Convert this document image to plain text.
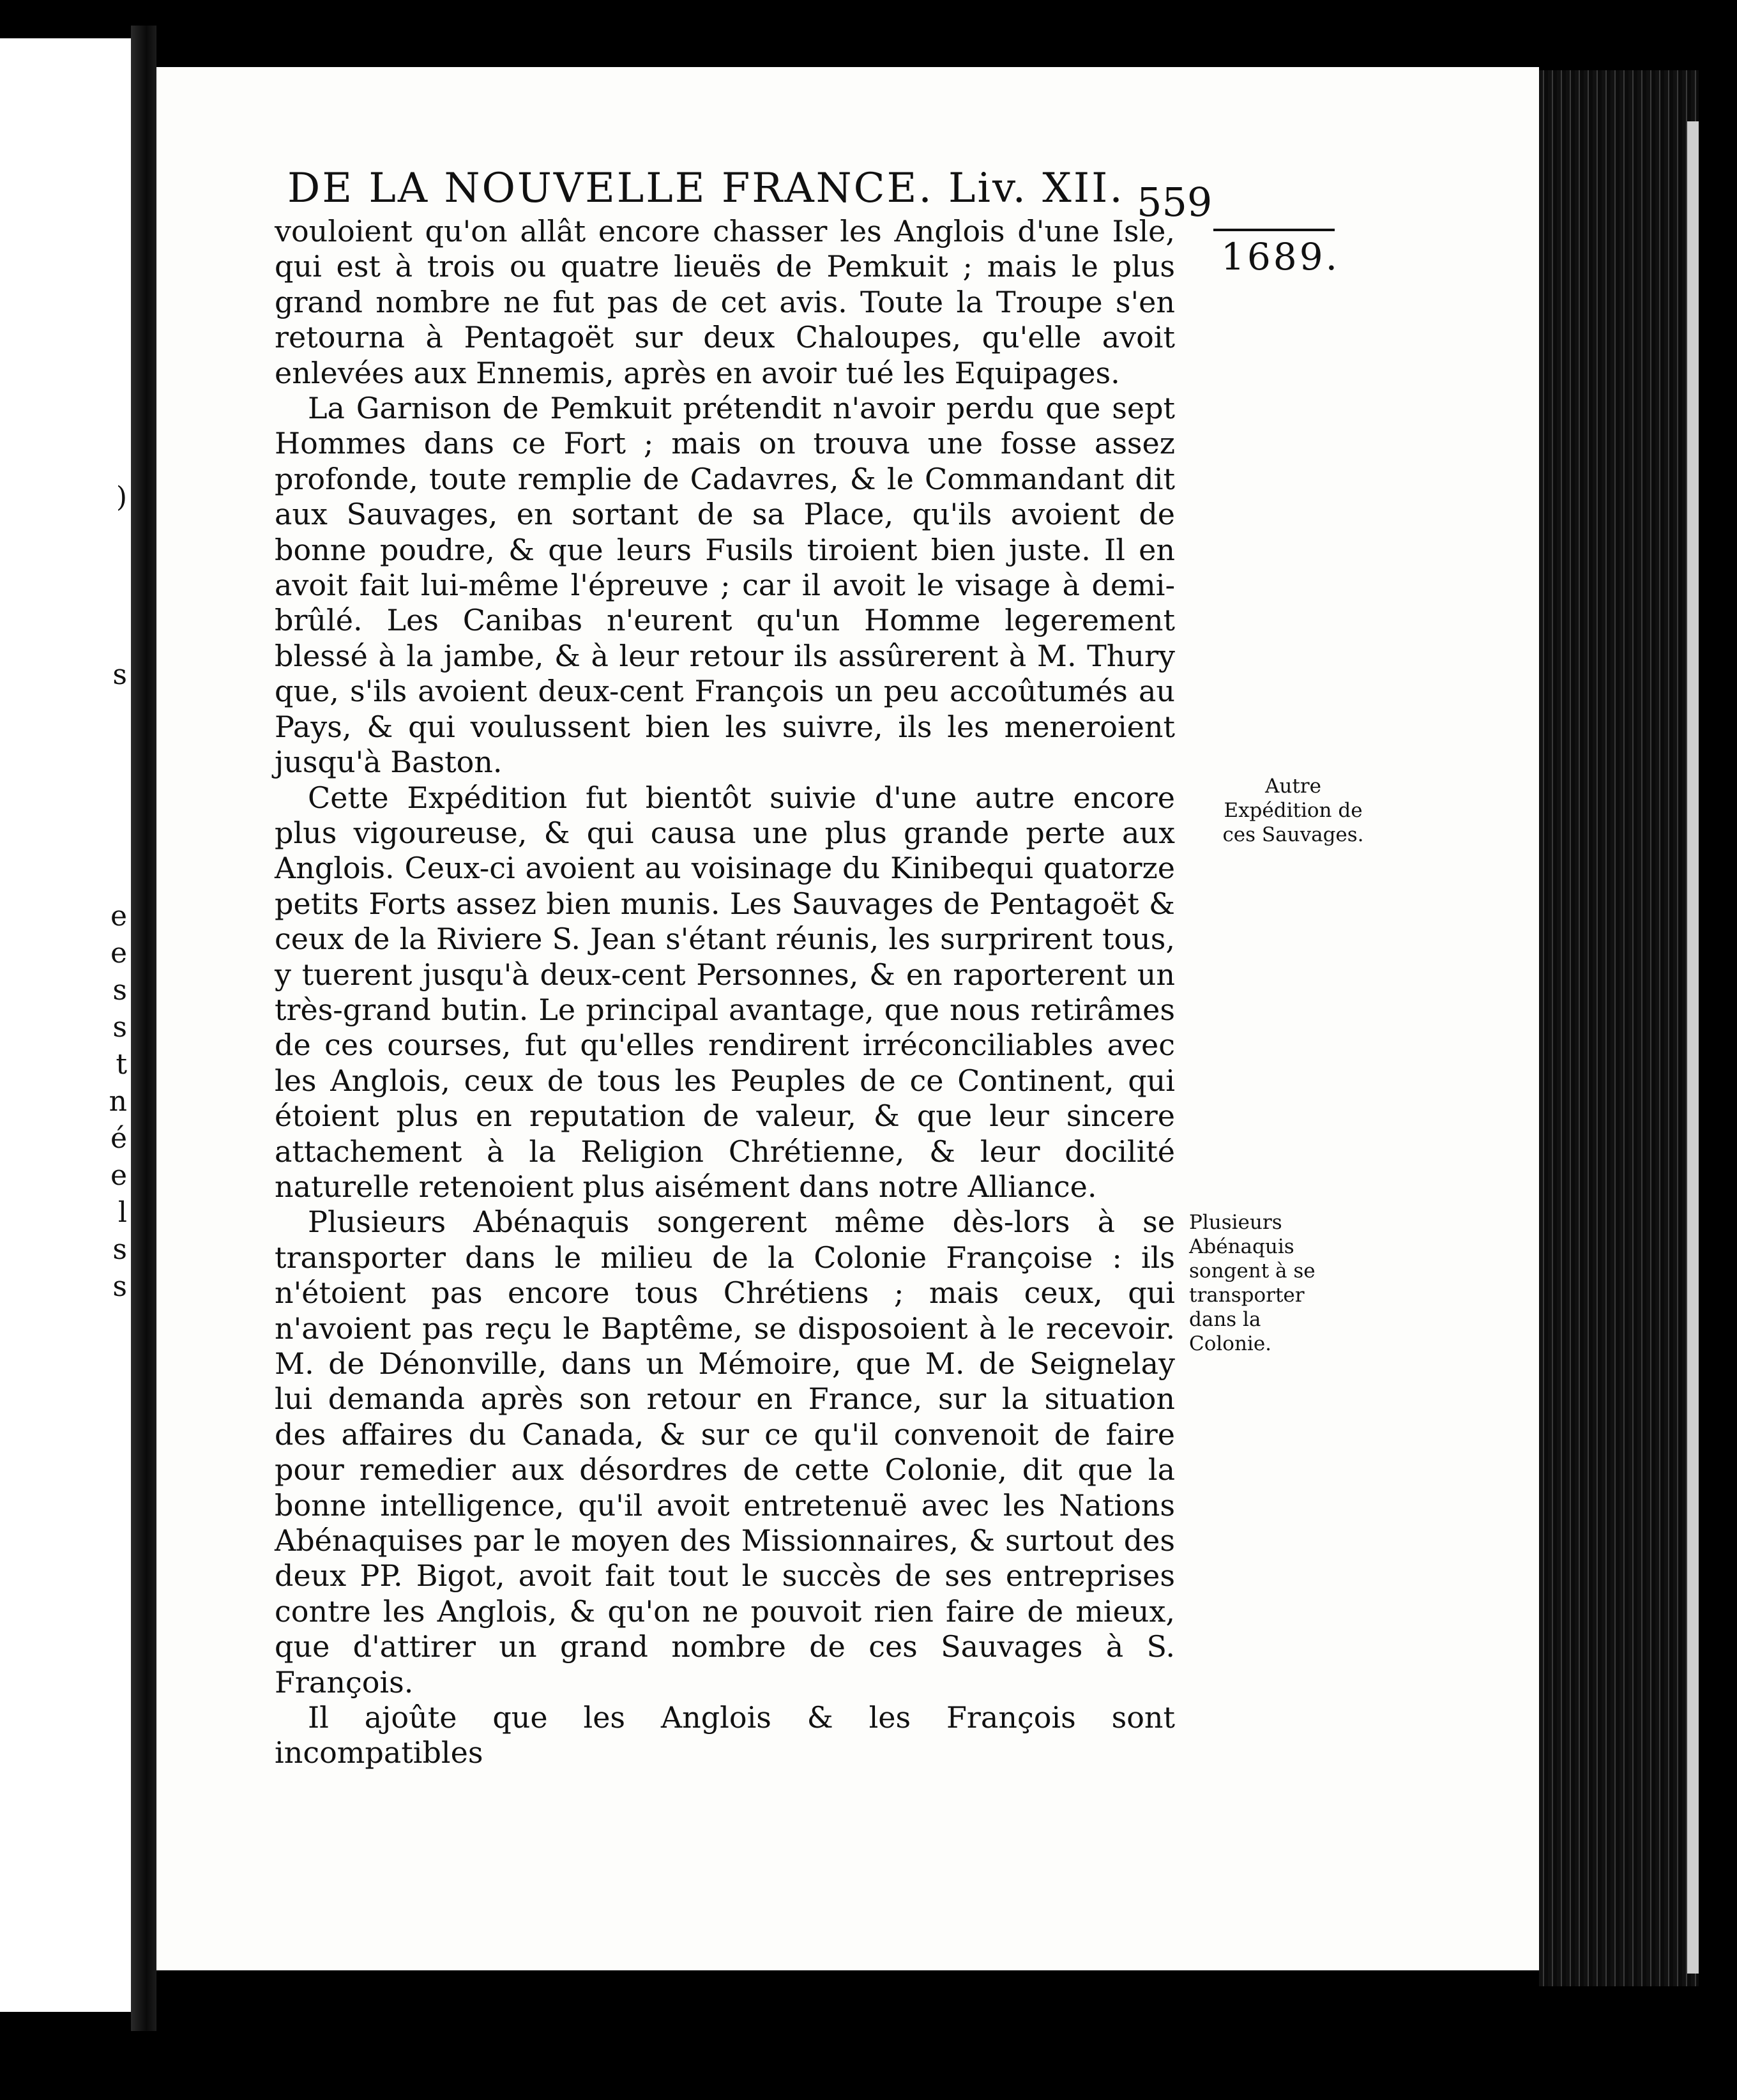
)
s
e
e
s
s
t
n
é
e
l
s
s
DE LA NOUVELLE FRANCE. Liv. XII. 559
1689.

vouloient qu'on allât encore chasser les Anglois d'une Isle, qui est à trois ou quatre lieuës de Pemkuit ; mais le plus grand nombre ne fut pas de cet avis. Toute la Troupe s'en retourna à Pentagoët sur deux Chaloupes, qu'elle avoit enlevées aux Ennemis, après en avoir tué les Equipages.

La Garnison de Pemkuit prétendit n'avoir perdu que sept Hommes dans ce Fort ; mais on trouva une fosse assez profonde, toute remplie de Cadavres, & le Commandant dit aux Sauvages, en sortant de sa Place, qu'ils avoient de bonne poudre, & que leurs Fusils tiroient bien juste. Il en avoit fait lui-même l'épreuve ; car il avoit le visage à demi-brûlé. Les Canibas n'eurent qu'un Homme legerement blessé à la jambe, & à leur retour ils assûrerent à M. Thury que, s'ils avoient deux-cent François un peu accoûtumés au Pays, & qui voulussent bien les suivre, ils les meneroient jusqu'à Baston.

Cette Expédition fut bientôt suivie d'une autre encore plus vigoureuse, & qui causa une plus grande perte aux Anglois. Ceux-ci avoient au voisinage du Kinibequi quatorze petits Forts assez bien munis. Les Sauvages de Pentagoët & ceux de la Riviere S. Jean s'étant réunis, les surprirent tous, y tuerent jusqu'à deux-cent Personnes, & en raporterent un très-grand butin. Le principal avantage, que nous retirâmes de ces courses, fut qu'elles rendirent irréconciliables avec les Anglois, ceux de tous les Peuples de ce Continent, qui étoient plus en reputation de valeur, & que leur sincere attachement à la Religion Chrétienne, & leur docilité naturelle retenoient plus aisément dans notre Alliance.

Plusieurs Abénaquis songerent même dès-lors à se transporter dans le milieu de la Colonie Françoise : ils n'étoient pas encore tous Chrétiens ; mais ceux, qui n'avoient pas reçu le Baptême, se disposoient à le recevoir. M. de Dénonville, dans un Mémoire, que M. de Seignelay lui demanda après son retour en France, sur la situation des affaires du Canada, & sur ce qu'il convenoit de faire pour remedier aux désordres de cette Colonie, dit que la bonne intelligence, qu'il avoit entretenuë avec les Nations Abénaquises par le moyen des Missionnaires, & surtout des deux PP. Bigot, avoit fait tout le succès de ses entreprises contre les Anglois, & qu'on ne pouvoit rien faire de mieux, que d'attirer un grand nombre de ces Sauvages à S. François.

Il ajoûte que les Anglois & les François sont incompatibles

Autre Expédition de ces Sauvages.
Plusieurs Abénaquis songent à se transporter dans la Colonie.
